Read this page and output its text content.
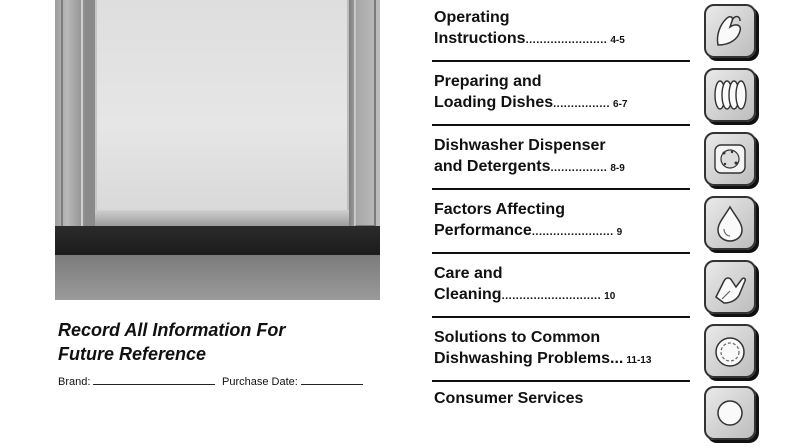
Record All Information For
Future Reference
Brand:	Purchase Date:
Operating
Instructions....................... 4-5
Preparing and
Loading Dishes................ 6-7
Dishwasher Dispenser
and Detergents................ 8-9
Factors Affecting
Performance....................... 9
Care and
Cleaning............................ 10
Solutions to Common
Dishwashing Problems... 11-13
Consumer Services
